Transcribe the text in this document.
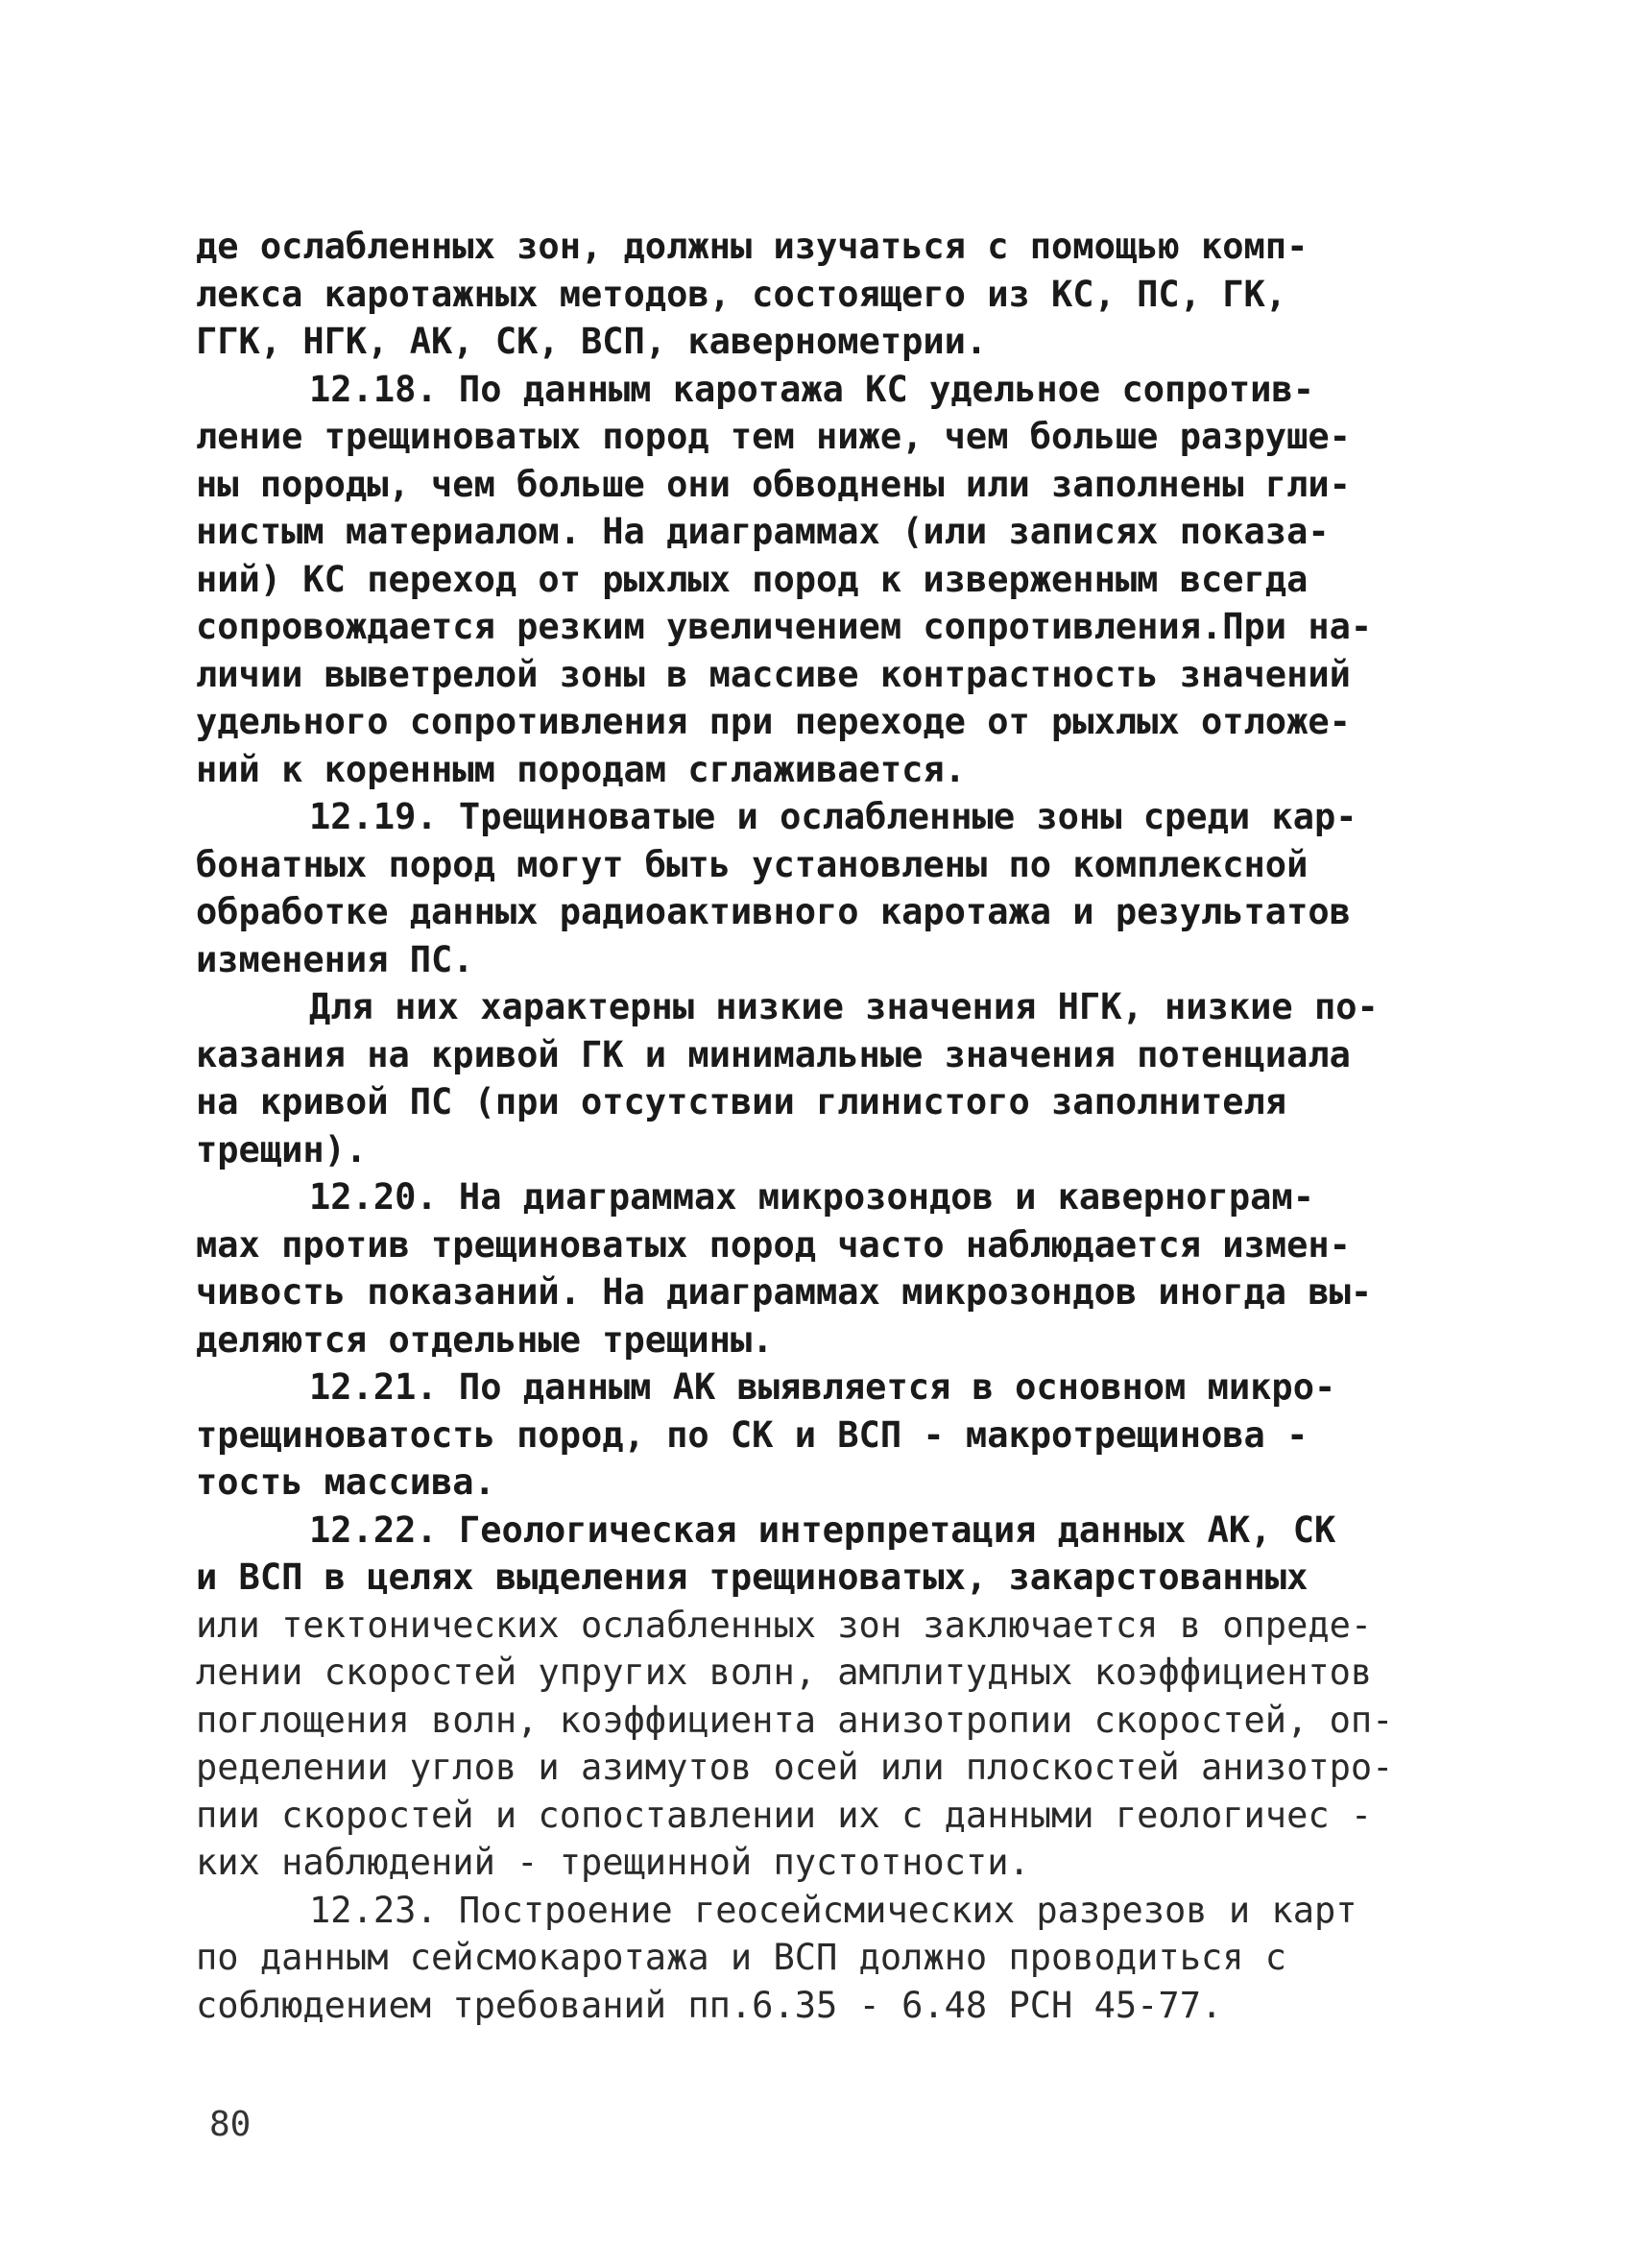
де ослабленных зон, должны изучаться с помощью комп-
лекса каротажных методов, состоящего из КС, ПС, ГК,
ГГК, НГК, АК, СК, ВСП, кавернометрии.
12.18. По данным каротажа КС удельное сопротив-
ление трещиноватых пород тем ниже, чем больше разруше-
ны породы, чем больше они обводнены или заполнены гли-
нистым материалом. На диаграммах (или записях показа-
ний) КС переход от рыхлых пород к изверженным всегда
сопровождается резким увеличением сопротивления.При на-
личии выветрелой зоны в массиве контрастность значений
удельного сопротивления при переходе от рыхлых отложе-
ний к коренным породам сглаживается.
12.19. Трещиноватые и ослабленные зоны среди кар-
бонатных пород могут быть установлены по комплексной
обработке данных радиоактивного каротажа и результатов
изменения ПС.
Для них характерны низкие значения НГК, низкие по-
казания на кривой ГК и минимальные значения потенциала
на кривой ПС (при отсутствии глинистого заполнителя
трещин).
12.20. На диаграммах микрозондов и кавернограм-
мах против трещиноватых пород часто наблюдается измен-
чивость показаний. На диаграммах микрозондов иногда вы-
деляются отдельные трещины.
12.21. По данным АК выявляется в основном микро-
трещиноватость пород, по СК и ВСП - макротрещинова -
тость массива.
12.22. Геологическая интерпретация данных АК, СК
и ВСП в целях выделения трещиноватых, закарстованных
или тектонических ослабленных зон заключается в опреде-
лении скоростей упругих волн, амплитудных коэффициентов
поглощения волн, коэффициента анизотропии скоростей, оп-
ределении углов и азимутов осей или плоскостей анизотро-
пии скоростей и сопоставлении их с данными геологичес -
ких наблюдений - трещинной пустотности.
12.23. Построение геосейсмических разрезов и карт
по данным сейсмокаротажа и ВСП должно проводиться с
соблюдением требований пп.6.35 - 6.48 РСН 45-77.
80
